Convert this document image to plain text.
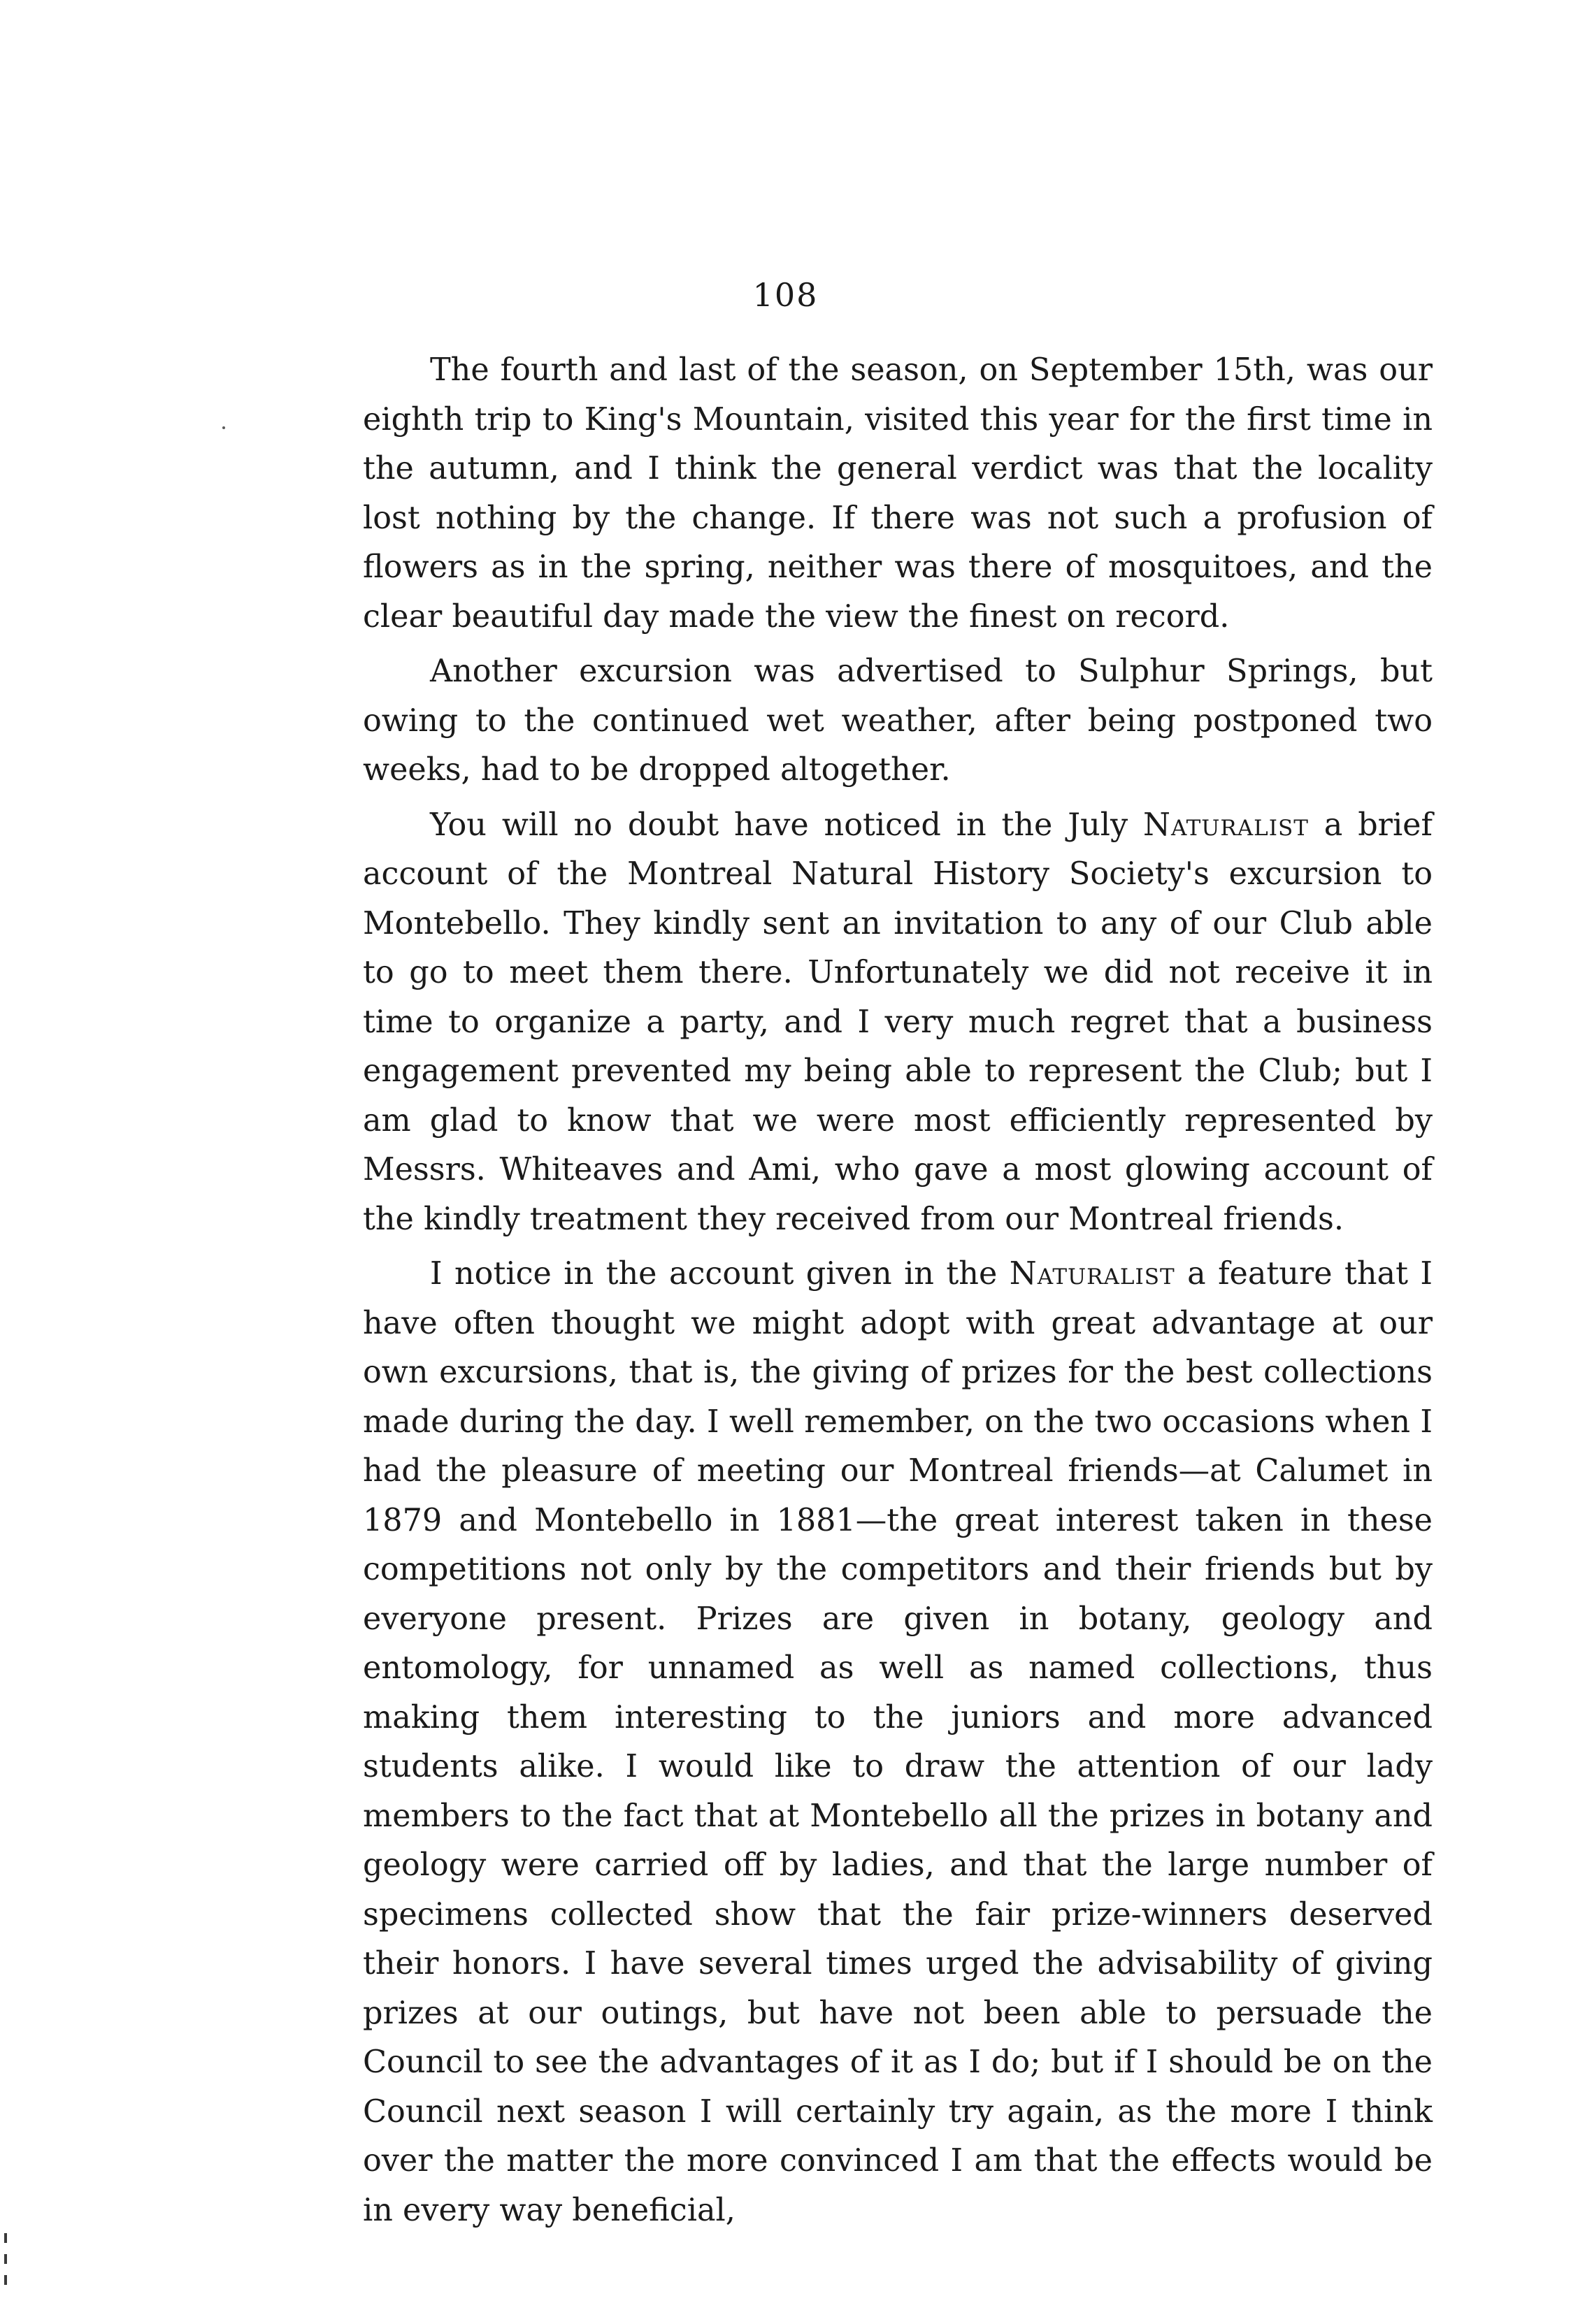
108

The fourth and last of the season, on September 15th, was our eighth trip to King's Mountain, visited this year for the first time in the autumn, and I think the general verdict was that the locality lost nothing by the change. If there was not such a profusion of flowers as in the spring, neither was there of mosquitoes, and the clear beautiful day made the view the finest on record.

Another excursion was advertised to Sulphur Springs, but owing to the continued wet weather, after being postponed two weeks, had to be dropped altogether.

You will no doubt have noticed in the July Naturalist a brief account of the Montreal Natural History Society's excursion to Montebello. They kindly sent an invitation to any of our Club able to go to meet them there. Unfortunately we did not receive it in time to organize a party, and I very much regret that a business engagement prevented my being able to represent the Club; but I am glad to know that we were most efficiently represented by Messrs. Whiteaves and Ami, who gave a most glowing account of the kindly treatment they received from our Montreal friends.

I notice in the account given in the Naturalist a feature that I have often thought we might adopt with great advantage at our own excursions, that is, the giving of prizes for the best collections made during the day. I well remember, on the two occasions when I had the pleasure of meeting our Montreal friends—at Calumet in 1879 and Montebello in 1881—the great interest taken in these competitions not only by the competitors and their friends but by everyone present. Prizes are given in botany, geology and entomology, for unnamed as well as named collections, thus making them interesting to the juniors and more advanced students alike. I would like to draw the attention of our lady members to the fact that at Montebello all the prizes in botany and geology were carried off by ladies, and that the large number of specimens collected show that the fair prize-winners deserved their honors. I have several times urged the advisability of giving prizes at our outings, but have not been able to persuade the Council to see the advantages of it as I do; but if I should be on the Council next season I will certainly try again, as the more I think over the matter the more convinced I am that the effects would be in every way beneficial,
